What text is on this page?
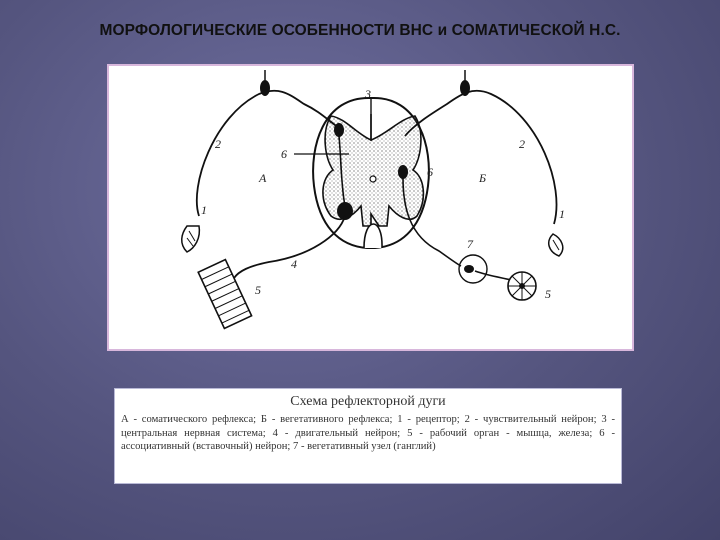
МОРФОЛОГИЧЕСКИЕ ОСОБЕННОСТИ ВНС и СОМАТИЧЕСКОЙ Н.С.
3
6
6
2	2
1	1
А	Б
4
5	5
7
Схема рефлекторной дуги
А - соматического рефлекса; Б - вегетативного рефлекса; 1 - рецептор; 2 - чувствительный нейрон; 3 - центральная нервная система; 4 - двигательный нейрон; 5 - рабочий орган - мышца, железа; 6 - ассоциативный (вставочный) нейрон; 7 - вегетативный узел (ганглий)
